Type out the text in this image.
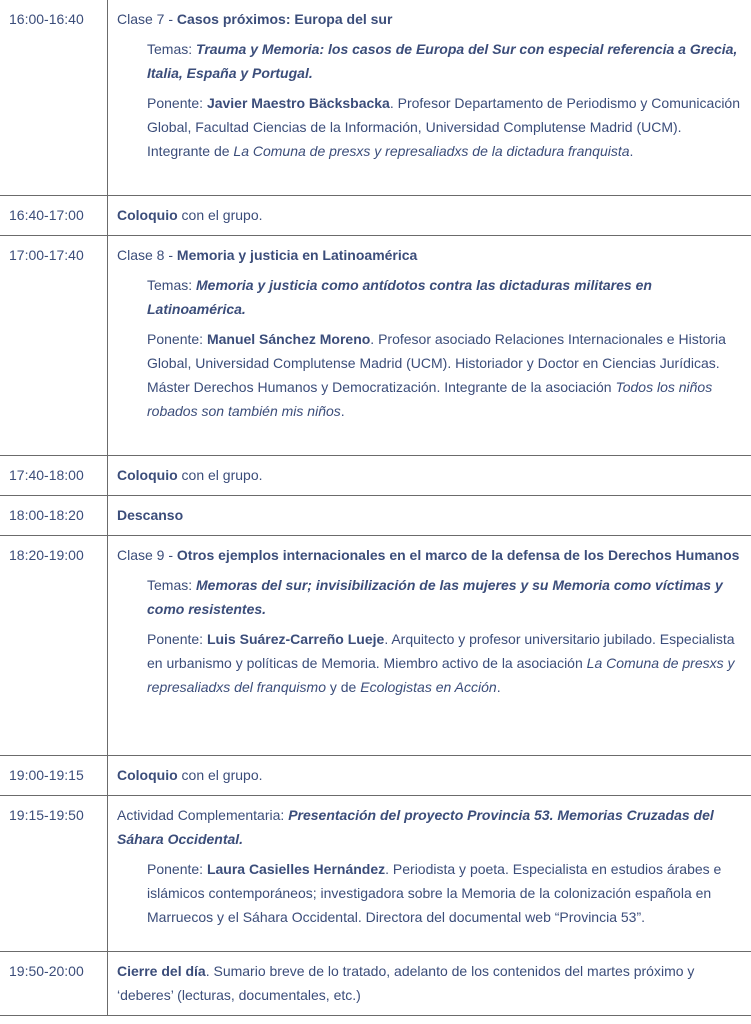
16:00-16:40	Clase 7 - Casos próximos: Europa del sur
Temas: Trauma y Memoria: los casos de Europa del Sur con especial referencia a Grecia, Italia, España y Portugal.
Ponente: Javier Maestro Bäcksbacka. Profesor Departamento de Periodismo y Comunicación Global, Facultad Ciencias de la Información, Universidad Complutense Madrid (UCM). Integrante de La Comuna de presxs y represaliadxs de la dictadura franquista.

16:40-17:00	Coloquio con el grupo.
17:00-17:40	Clase 8 - Memoria y justicia en Latinoamérica
Temas: Memoria y justicia como antídotos contra las dictaduras militares en Latinoamérica.
Ponente: Manuel Sánchez Moreno. Profesor asociado Relaciones Internacionales e Historia Global, Universidad Complutense Madrid (UCM). Historiador y Doctor en Ciencias Jurídicas. Máster Derechos Humanos y Democratización. Integrante de la asociación Todos los niños robados son también mis niños.

17:40-18:00	Coloquio con el grupo.
18:00-18:20	Descanso
18:20-19:00	Clase 9 - Otros ejemplos internacionales en el marco de la defensa de los Derechos Humanos
Temas: Memoras del sur; invisibilización de las mujeres y su Memoria como víctimas y como resistentes.
Ponente: Luis Suárez-Carreño Lueje. Arquitecto y profesor universitario jubilado. Especialista en urbanismo y políticas de Memoria. Miembro activo de la asociación La Comuna de presxs y represaliadxs del franquismo y de Ecologistas en Acción.

19:00-19:15	Coloquio con el grupo.
19:15-19:50	Actividad Complementaria: Presentación del proyecto Provincia 53. Memorias Cruzadas del Sáhara Occidental.
Ponente: Laura Casielles Hernández. Periodista y poeta. Especialista en estudios árabes e islámicos contemporáneos; investigadora sobre la Memoria de la colonización española en Marruecos y el Sáhara Occidental. Directora del documental web “Provincia 53”.

19:50-20:00	Cierre del día. Sumario breve de lo tratado, adelanto de los contenidos del martes próximo y ‘deberes’ (lecturas, documentales, etc.)
